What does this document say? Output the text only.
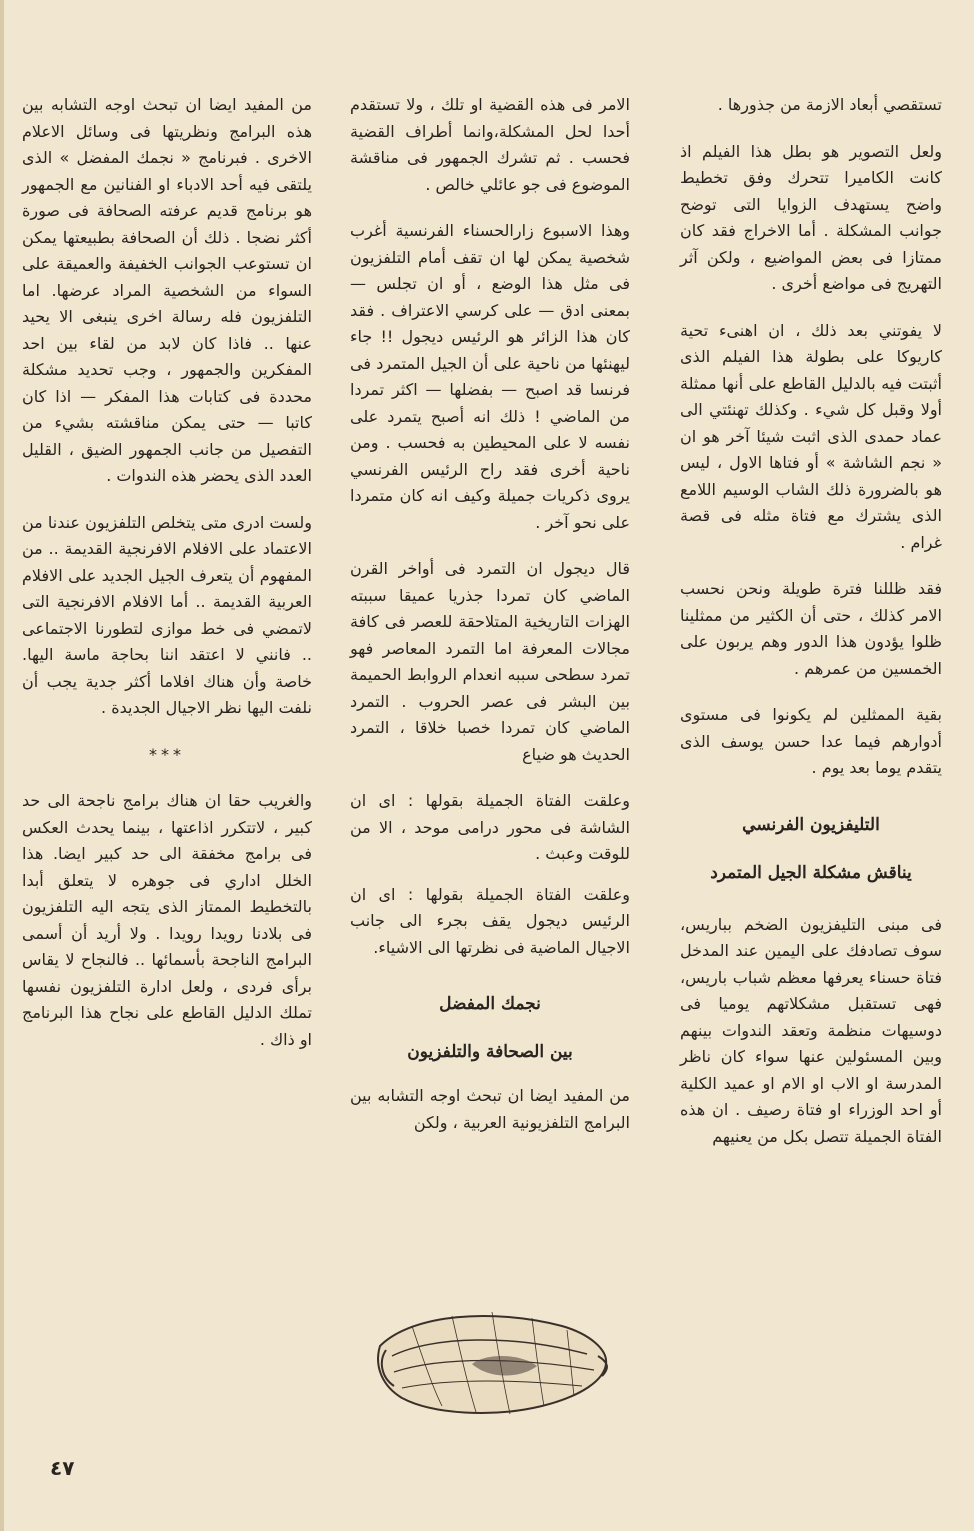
تستقصي أبعاد الازمة من جذورها .

ولعل التصوير هو بطل هذا الفيلم اذ كانت الكاميرا تتحرك وفق تخطيط واضح يستهدف الزوايا التى توضح جوانب المشكلة . أما الاخراج فقد كان ممتازا فى بعض المواضيع ، ولكن آثر التهريج فى مواضع أخرى .

لا يفوتني بعد ذلك ، ان اهنىء تحية كاريوكا على بطولة هذا الفيلم الذى أثبتت فيه بالدليل القاطع على أنها ممثلة أولا وقبل كل شيء . وكذلك تهنئتي الى عماد حمدى الذى اثبت شيئا آخر هو ان « نجم الشاشة » أو فتاها الاول ، ليس هو بالضرورة ذلك الشاب الوسيم اللامع الذى يشترك مع فتاة مثله فى قصة غرام .

فقد ظللنا فترة طويلة ونحن نحسب الامر كذلك ، حتى أن الكثير من ممثلينا ظلوا يؤدون هذا الدور وهم يربون على الخمسين من عمرهم .

بقية الممثلين لم يكونوا فى مستوى أدوارهم فيما عدا حسن يوسف الذى يتقدم يوما بعد يوم .

التليفزيون الفرنسي
يناقش مشكلة الجيل المتمرد

فى مبنى التليفزيون الضخم بباريس، سوف تصادفك على اليمين عند المدخل فتاة حسناء يعرفها معظم شباب باريس، فهى تستقبل مشكلاتهم يوميا فى دوسيهات منظمة وتعقد الندوات بينهم وبين المسئولين عنها سواء كان ناظر المدرسة او الاب او الام او عميد الكلية أو احد الوزراء او فتاة رصيف . ان هذه الفتاة الجميلة تتصل بكل من يعنيهم

الامر فى هذه القضية او تلك ، ولا تستقدم أحدا لحل المشكلة،وانما أطراف القضية فحسب . ثم تشرك الجمهور فى مناقشة الموضوع فى جو عائلي خالص .

وهذا الاسبوع زارالحسناء الفرنسية أغرب شخصية يمكن لها ان تقف أمام التلفزيون فى مثل هذا الوضع ، أو ان تجلس — بمعنى ادق — على كرسي الاعتراف . فقد كان هذا الزائر هو الرئيس ديجول !! جاء ليهنئها من ناحية على أن الجيل المتمرد فى فرنسا قد اصبح — بفضلها — اكثر تمردا من الماضي ! ذلك انه أصبح يتمرد على نفسه لا على المحيطين به فحسب . ومن ناحية أخرى فقد راح الرئيس الفرنسي يروى ذكريات جميلة وكيف انه كان متمردا على نحو آخر .

قال ديجول ان التمرد فى أواخر القرن الماضي كان تمردا جذريا عميقا سببته الهزات التاريخية المتلاحقة للعصر فى كافة مجالات المعرفة اما التمرد المعاصر فهو تمرد سطحى سببه انعدام الروابط الحميمة بين البشر فى عصر الحروب . التمرد الماضي كان تمردا خصبا خلاقا ، التمرد الحديث هو ضياع

وعلقت الفتاة الجميلة بقولها : اى ان الشاشة فى محور درامى موحد ، الا من للوقت وعبث .

وعلقت الفتاة الجميلة بقولها : اى ان الرئيس ديجول يقف بجرء الى جانب الاجيال الماضية فى نظرتها الى الاشياء.

نجمك المفضل
بين الصحافة والتلفزيون

من المفيد ايضا ان تبحث اوجه التشابه بين البرامج التلفزيونية العربية ، ولكن

من المفيد ايضا ان تبحث اوجه التشابه بين هذه البرامج ونظريتها فى وسائل الاعلام الاخرى . فبرنامج « نجمك المفضل » الذى يلتقى فيه أحد الادباء او الفنانين مع الجمهور هو برنامج قديم عرفته الصحافة فى صورة أكثر نضجا . ذلك أن الصحافة بطبيعتها يمكن ان تستوعب الجوانب الخفيفة والعميقة على السواء من الشخصية المراد عرضها. اما التلفزيون فله رسالة اخرى ينبغى الا يحيد عنها .. فاذا كان لابد من لقاء بين احد المفكرين والجمهور ، وجب تحديد مشكلة محددة فى كتابات هذا المفكر — اذا كان كاتبا — حتى يمكن مناقشته بشيء من التفصيل من جانب الجمهور الضيق ، القليل العدد الذى يحضر هذه الندوات .

ولست ادرى متى يتخلص التلفزيون عندنا من الاعتماد على الافلام الافرنجية القديمة .. من المفهوم أن يتعرف الجيل الجديد على الافلام العربية القديمة .. أما الافلام الافرنجية التى لاتمضي فى خط موازى لتطورنا الاجتماعى .. فانني لا اعتقد اننا بحاجة ماسة اليها. خاصة وأن هناك افلاما أكثر جدية يجب أن نلفت اليها نظر الاجيال الجديدة .

***

والغريب حقا ان هناك برامج ناجحة الى حد كبير ، لاتتكرر اذاعتها ، بينما يحدث العكس فى برامج مخفقة الى حد كبير ايضا. هذا الخلل اداري فى جوهره لا يتعلق أبدا بالتخطيط الممتاز الذى يتجه اليه التلفزيون فى بلادنا رويدا رويدا . ولا أريد أن أسمى البرامج الناجحة بأسمائها .. فالنجاح لا يقاس برأى فردى ، ولعل ادارة التلفزيون نفسها تملك الدليل القاطع على نجاح هذا البرنامج او ذاك .

٤٧
